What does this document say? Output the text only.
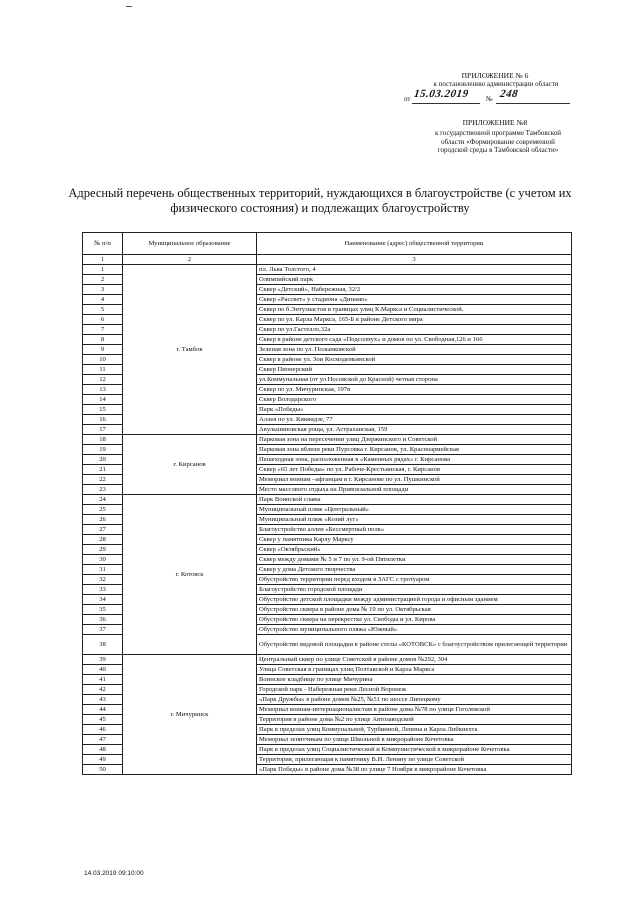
ПРИЛОЖЕНИЕ № 6
к постановлению администрации области
от 15.03.2019 № 248
ПРИЛОЖЕНИЕ №8
к государственной программе Тамбовской
области «Формирование современной
городской среды в Тамбовской области»
Адресный перечень общественных территорий, нуждающихся в благоустройстве (с учетом их
физического состояния) и подлежащих благоустройству
№ п/п	Муниципальное образование	Наименование (адрес) общественной территории
1	2	3
1	г. Тамбов	пл. Льва Толстого, 4
2		Олимпийский парк
3		Сквер «Детский», Набережная, 32/2
4		Сквер «Рассвет» у стадиона «Динамо»
5		Сквер по б.Энтузиастов в границах улиц К.Маркса и Социалистической.
6		Сквер по ул. Карла Маркса, 165-Б в районе Детского мира
7		Сквер по ул.Гастелло,32а
8		Сквер в районе детского сада «Подсолнух» и домов по ул. Свободная,126 и 166
9		Зеленая зона по ул. Полынковской
10		Сквер в районе ул. Зои Космодемьянской
11		Сквер Пионерский
12		ул.Коммунальная (от ул Носовской до Красной) четная сторона
13		Сквер по ул. Мичуринская, 197в
14		Сквер Володарского
15		Парк «Победы»
16		Аллея по ул. Киквидзе, 77
17		Акульшиновская роща, ул. Астраханская, 159
18	г. Кирсанов	Парковая зона на пересечении улиц Дзержинского и Советской
19		Парковая зона вблизи реки Пурсовка г. Кирсанов, ул. Красноармейская
20		Пешеходная зона, расположенная в «Каменных рядах» г. Кирсанова
21		Сквер «65 лет Победы» по ул. Рабоче-Крестьянская, г. Кирсанов
22		Мемориал воинам –афганцам в г. Кирсанове по ул. Пушкинской
23		Место массового отдыха на Привокзальной площади
24	г. Котовск	Парк Воинской славы
25		Муниципальный пляж «Центральный»
26		Муниципальный пляж «Козий луг»
27		Благоустройство аллеи «Бессмертный полк»
28		Сквер у памятника Карлу Марксу
29		Сквер «Октябрьский»
30		Сквер между домами № 5 и 7 по ул. 9-ой Пятилетки
31		Сквер у дома Детского творчества
32		Обустройство территории перед входом в ЗАГС с тротуаром
33		Благоустройство городской площади
34		Обустройство детской площадки между администрацией города и офисным зданием
35		Обустройство сквера в районе дома № 19 по ул. Октябрьская
36		Обустройство сквера на перекрестке ул. Свободы и ул. Кирова
37		Обустройство муниципального пляжа «Южный»
38		Обустройство видовой площадки в районе стелы «КОТОВСК» с благоустройством прилегающей территории
39	г. Мичуринск	Центральный сквер по улице Советской в районе домов №292, 304
40		Улица Советская в границах улиц Полтавской и Карла Маркса
41		Воинское кладбище по улице Мичурина
42		Городской парк - Набережная реки Лесной Воронеж
43		«Парк Дружбы» в районе домов №25, №51 по шоссе Липецкому
44		Мемориал воинам-интернационалистам в районе дома №78 по улице Гоголевской
45		Территория в районе дома №2 по улице Автозаводской
46		Парк в пределах улиц Коммунальной, Турбинной, Ленина и Карла Либкнехта
47		Мемориал зенитчикам по улице Школьной в микрорайоне Кочетовка
48		Парк в пределах улиц Социалистической и Коммунистической в микрорайоне Кочетовка
49		Территория, прилегающая к памятнику В.И. Ленину по улице Советской
50		«Парк Победы» в районе дома №38 по улице 7 Ноября в микрорайоне Кочетовка
14.03.2019 09:10:00
